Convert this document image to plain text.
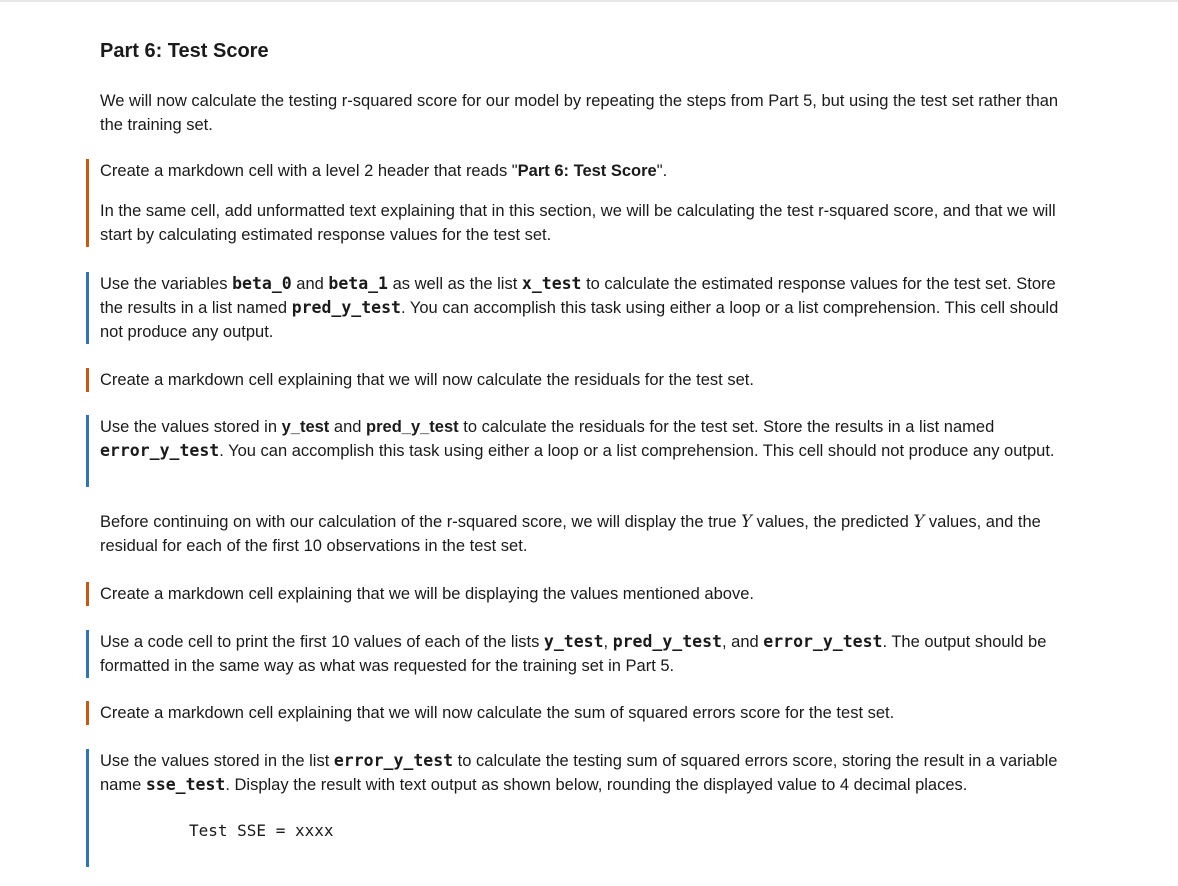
Part 6: Test Score

We will now calculate the testing r-squared score for our model by repeating the steps from Part 5, but using the test set rather than the training set.

Create a markdown cell with a level 2 header that reads "Part 6: Test Score".

In the same cell, add unformatted text explaining that in this section, we will be calculating the test r-squared score, and that we will start by calculating estimated response values for the test set.

Use the variables beta_0 and beta_1 as well as the list x_test to calculate the estimated response values for the test set. Store the results in a list named pred_y_test. You can accomplish this task using either a loop or a list comprehension. This cell should not produce any output.

Create a markdown cell explaining that we will now calculate the residuals for the test set.

Use the values stored in y_test and pred_y_test to calculate the residuals for the test set. Store the results in a list named error_y_test. You can accomplish this task using either a loop or a list comprehension. This cell should not produce any output.

Before continuing on with our calculation of the r-squared score, we will display the true Y values, the predicted Y values, and the residual for each of the first 10 observations in the test set.

Create a markdown cell explaining that we will be displaying the values mentioned above.

Use a code cell to print the first 10 values of each of the lists y_test, pred_y_test, and error_y_test. The output should be formatted in the same way as what was requested for the training set in Part 5.

Create a markdown cell explaining that we will now calculate the sum of squared errors score for the test set.

Use the values stored in the list error_y_test to calculate the testing sum of squared errors score, storing the result in a variable name sse_test. Display the result with text output as shown below, rounding the displayed value to 4 decimal places.

Test SSE = xxxx
